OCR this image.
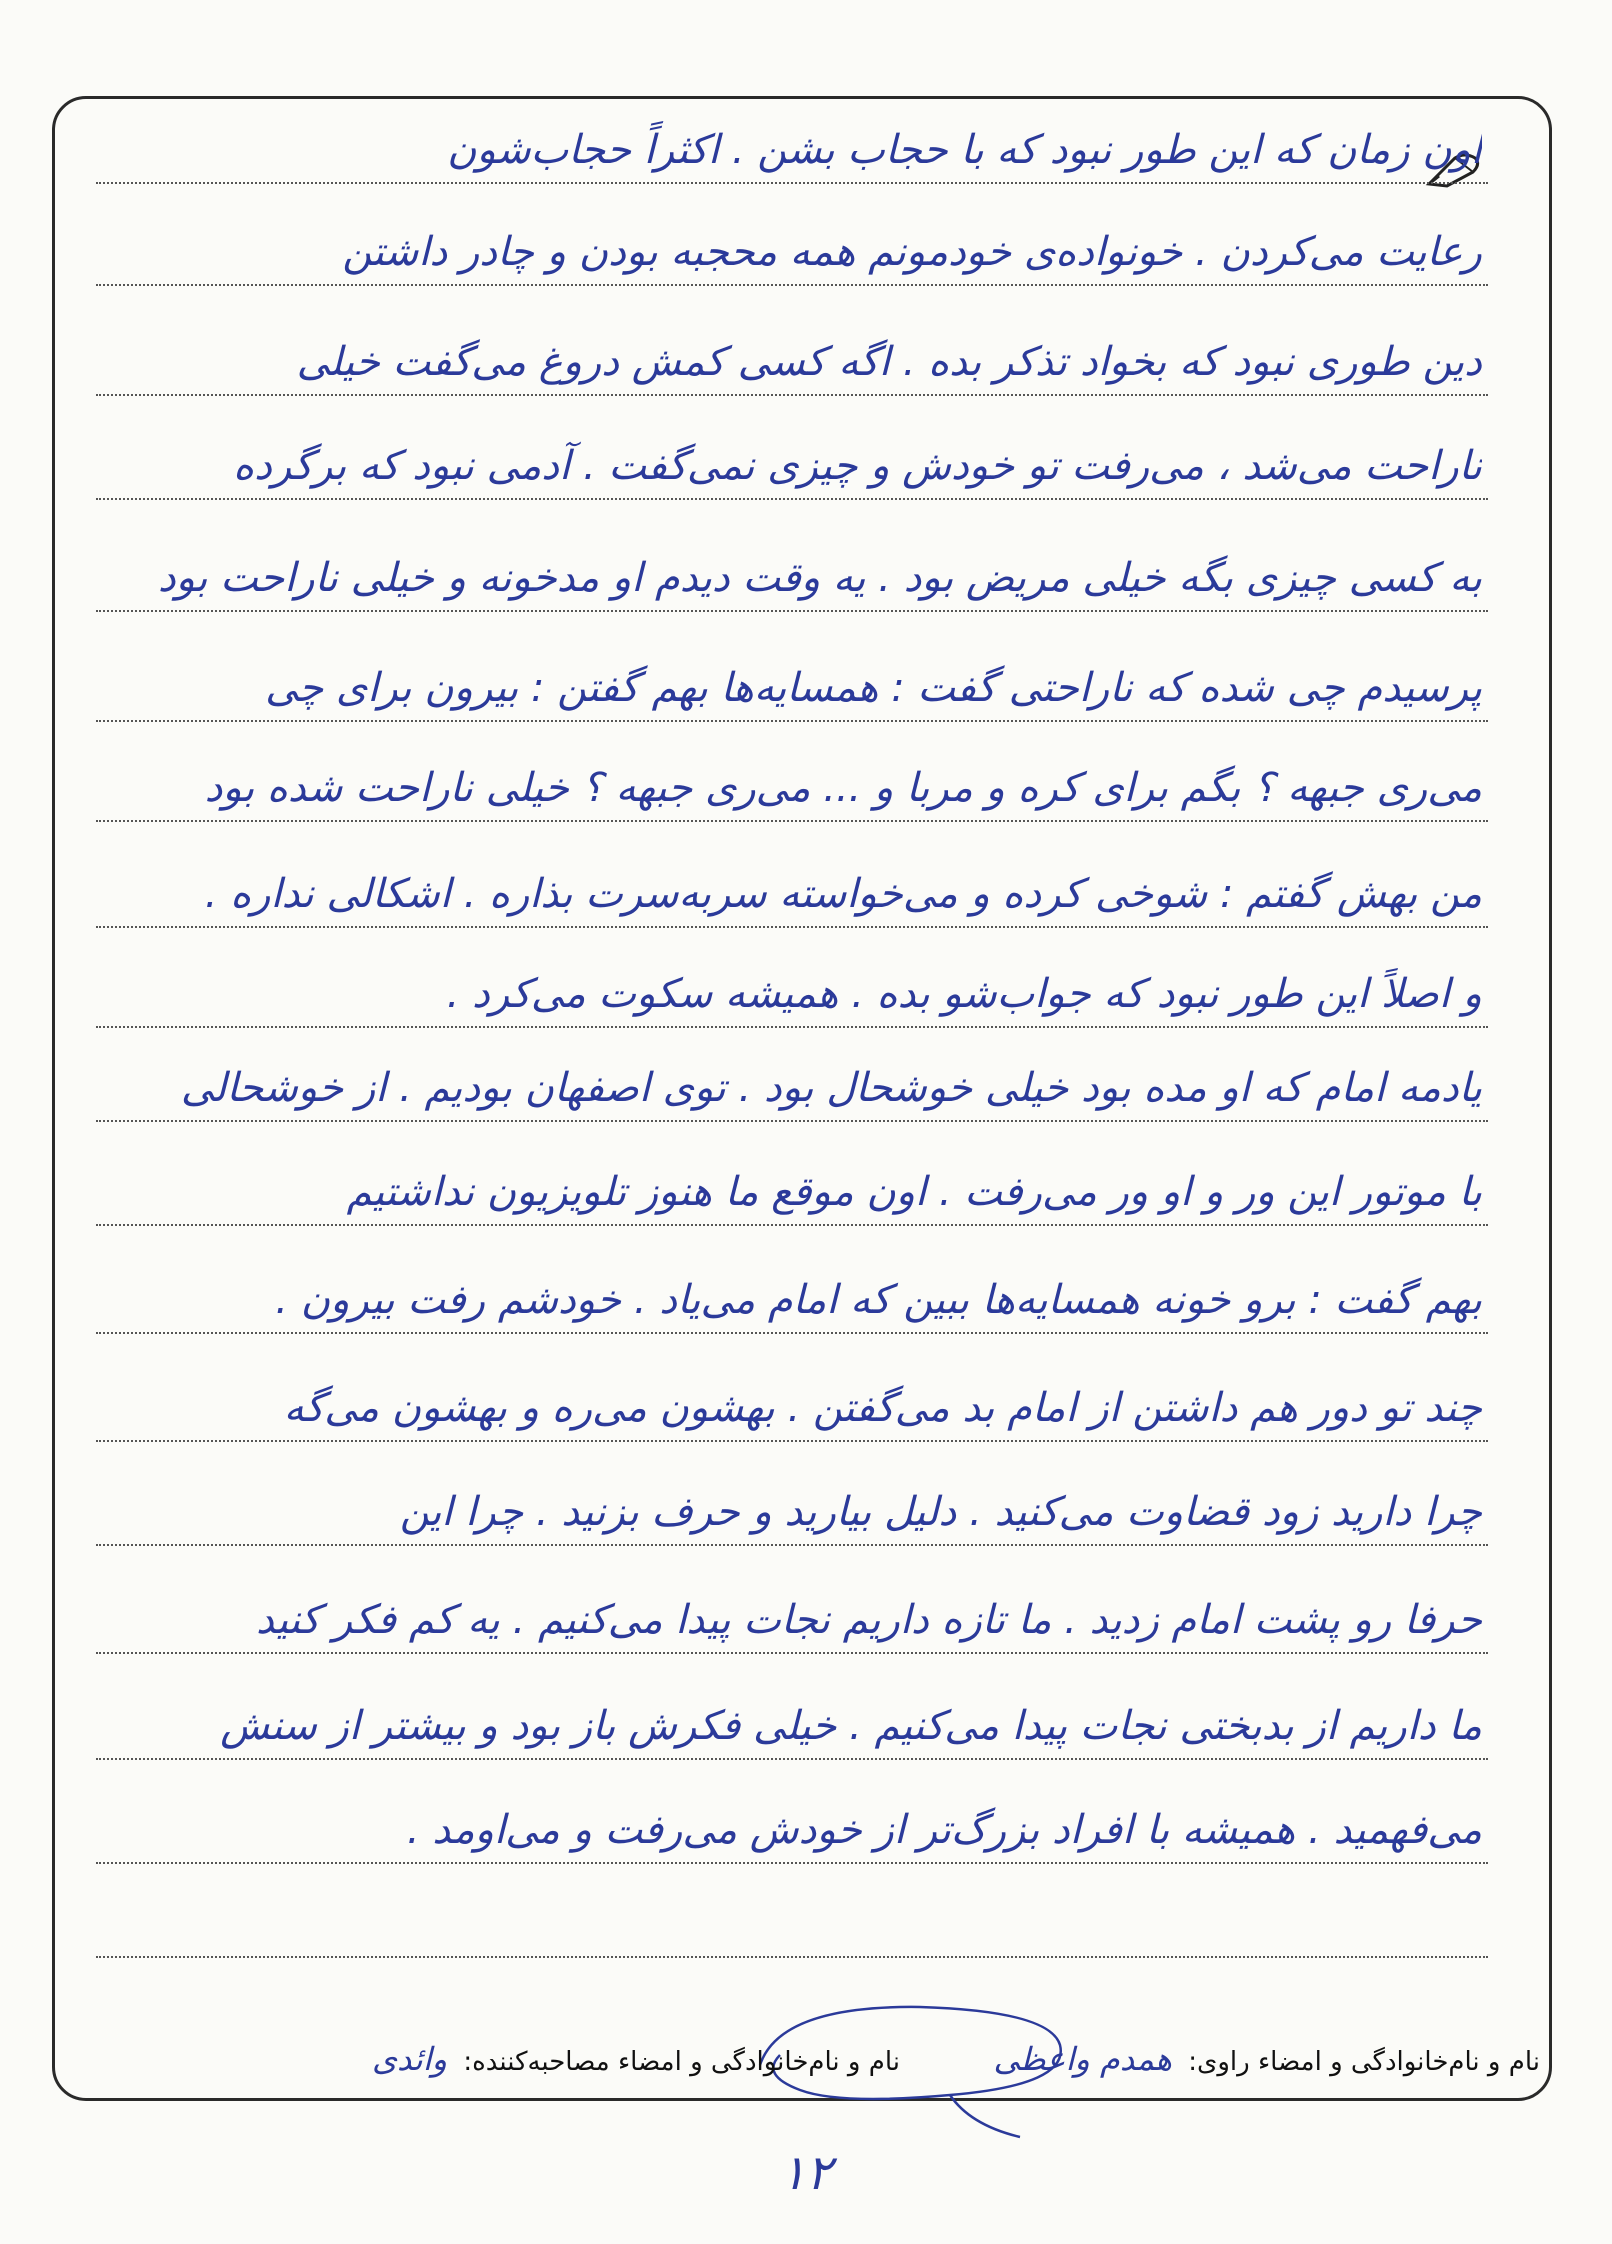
اون زمان که این طور نبود که با حجاب بشن . اکثراً حجاب‌شون
رعایت می‌کردن . خونواده‌ی خودمونم همه محجبه بودن و چادر داشتن
دین طوری نبود که بخواد تذکر بده . اگه کسی کمش دروغ می‌گفت خیلی
ناراحت می‌شد ، می‌رفت تو خودش و چیزی نمی‌گفت . آدمی نبود که برگرده
به کسی چیزی بگه خیلی مریض بود . یه وقت دیدم او مدخونه و خیلی ناراحت بود
پرسیدم چی شده که ناراحتی گفت : همسایه‌ها بهم گفتن : بیرون برای چی
می‌ری جبهه ؟ بگم برای کره و مربا و ... می‌ری جبهه ؟ خیلی ناراحت شده بود
من بهش گفتم : شوخی کرده و می‌خواسته سربه‌سرت بذاره . اشکالی نداره .
و اصلاً این طور نبود که جواب‌شو بده . همیشه سکوت می‌کرد .
یادمه امام که او مده بود خیلی خوشحال بود . توی اصفهان بودیم . از خوشحالی
با موتور این ور و او ور می‌رفت . اون موقع ما هنوز تلویزیون نداشتیم
بهم گفت : برو خونه همسایه‌ها ببین که امام می‌یاد . خودشم رفت بیرون .
چند تو دور هم داشتن از امام بد می‌گفتن . بهشون می‌ره و بهشون می‌گه
چرا دارید زود قضاوت می‌کنید . دلیل بیارید و حرف بزنید . چرا این
حرفا رو پشت امام زدید . ما تازه داریم نجات پیدا می‌کنیم . یه کم فکر کنید
ما داریم از بدبختی نجات پیدا می‌کنیم . خیلی فکرش باز بود و بیشتر از سنش
می‌فهمید . همیشه با افراد بزرگ‌تر از خودش می‌رفت و می‌اومد .
نام و نام‌خانوادگی و امضاء راوی: همدم واعظی
نام و نام‌خانوادگی و امضاء مصاحبه‌کننده: وائدی
۱۲
